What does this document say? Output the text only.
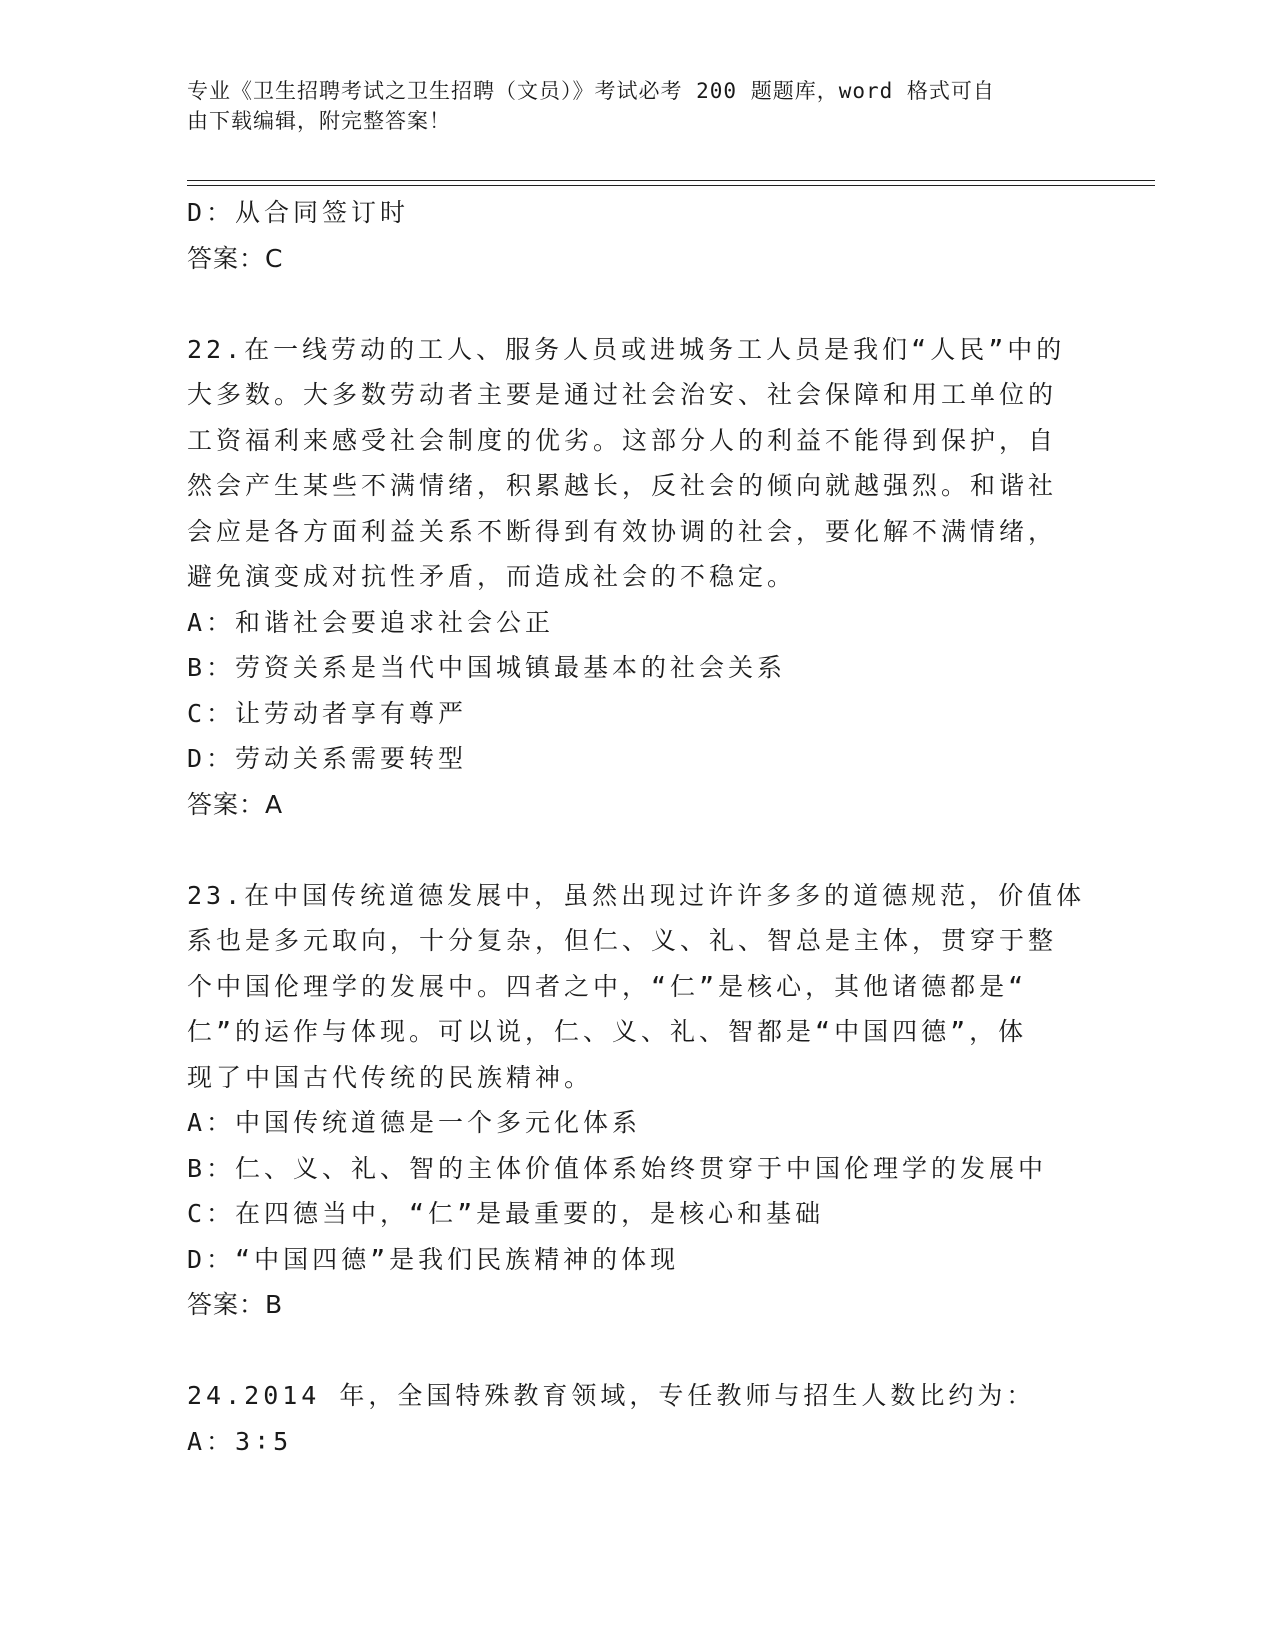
专业《卫生招聘考试之卫生招聘（文员）》考试必考 200 题题库，word 格式可自
由下载编辑，附完整答案！
D：从合同签订时
答案：C
22.在一线劳动的工人、服务人员或进城务工人员是我们“人民”中的
大多数。大多数劳动者主要是通过社会治安、社会保障和用工单位的
工资福利来感受社会制度的优劣。这部分人的利益不能得到保护，自
然会产生某些不满情绪，积累越长，反社会的倾向就越强烈。和谐社
会应是各方面利益关系不断得到有效协调的社会，要化解不满情绪，
避免演变成对抗性矛盾，而造成社会的不稳定。
A：和谐社会要追求社会公正
B：劳资关系是当代中国城镇最基本的社会关系
C：让劳动者享有尊严
D：劳动关系需要转型
答案：A
23.在中国传统道德发展中，虽然出现过许许多多的道德规范，价值体
系也是多元取向，十分复杂，但仁、义、礼、智总是主体，贯穿于整
个中国伦理学的发展中。四者之中，“仁”是核心，其他诸德都是“
仁”的运作与体现。可以说，仁、义、礼、智都是“中国四德”，体
现了中国古代传统的民族精神。
A：中国传统道德是一个多元化体系
B：仁、义、礼、智的主体价值体系始终贯穿于中国伦理学的发展中
C：在四德当中，“仁”是最重要的，是核心和基础
D：“中国四德”是我们民族精神的体现
答案：B
24.2014 年，全国特殊教育领域，专任教师与招生人数比约为：
A：3∶5
